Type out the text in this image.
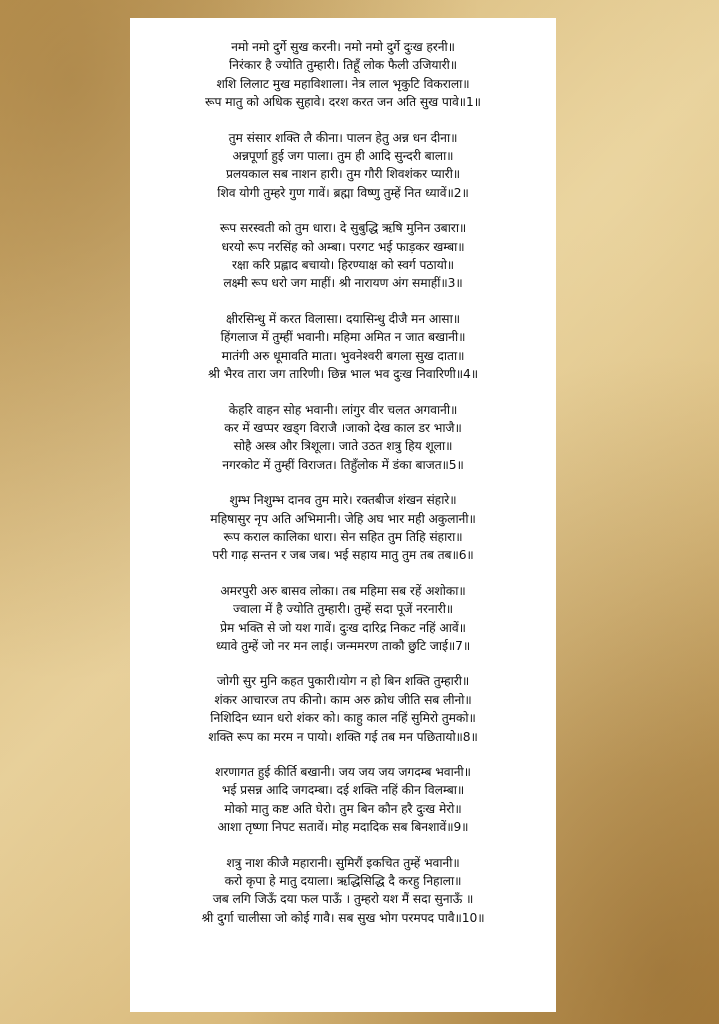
नमो नमो दुर्गे सुख करनी। नमो नमो दुर्गे दुःख हरनी॥
निरंकार है ज्योति तुम्हारी। तिहूँ लोक फैली उजियारी॥
शशि लिलाट मुख महाविशाला। नेत्र लाल भृकुटि विकराला॥
रूप मातु को अधिक सुहावे। दरश करत जन अति सुख पावे॥1॥
तुम संसार शक्ति लै कीना। पालन हेतु अन्न धन दीना॥
अन्नपूर्णा हुई जग पाला। तुम ही आदि सुन्दरी बाला॥
प्रलयकाल सब नाशन हारी। तुम गौरी शिवशंकर प्यारी॥
शिव योगी तुम्हरे गुण गावें। ब्रह्मा विष्णु तुम्हें नित ध्यावें॥2॥
रूप सरस्वती को तुम धारा। दे सुबुद्धि ऋषि मुनिन उबारा॥
धरयो रूप नरसिंह को अम्बा। परगट भई फाड़कर खम्बा॥
रक्षा करि प्रह्लाद बचायो। हिरण्याक्ष को स्वर्ग पठायो॥
लक्ष्मी रूप धरो जग माहीं। श्री नारायण अंग समाहीं॥3॥
क्षीरसिन्धु में करत विलासा। दयासिन्धु दीजै मन आसा॥
हिंगलाज में तुम्हीं भवानी। महिमा अमित न जात बखानी॥
मातंगी अरु धूमावति माता। भुवनेश्वरी बगला सुख दाता॥
श्री भैरव तारा जग तारिणी। छिन्न भाल भव दुःख निवारिणी॥4॥
केहरि वाहन सोह भवानी। लांगुर वीर चलत अगवानी॥
कर में खप्पर खड्ग विराजै ।जाको देख काल डर भाजै॥
सोहै अस्त्र और त्रिशूला। जाते उठत शत्रु हिय शूला॥
नगरकोट में तुम्हीं विराजत। तिहुँलोक में डंका बाजत॥5॥
शुम्भ निशुम्भ दानव तुम मारे। रक्तबीज शंखन संहारे॥
महिषासुर नृप अति अभिमानी। जेहि अघ भार मही अकुलानी॥
रूप कराल कालिका धारा। सेन सहित तुम तिहि संहारा॥
परी गाढ़ सन्तन र जब जब। भई सहाय मातु तुम तब तब॥6॥
अमरपुरी अरु बासव लोका। तब महिमा सब रहें अशोका॥
ज्वाला में है ज्योति तुम्हारी। तुम्हें सदा पूजें नरनारी॥
प्रेम भक्ति से जो यश गावें। दुःख दारिद्र निकट नहिं आवें॥
ध्यावे तुम्हें जो नर मन लाई। जन्ममरण ताकौ छुटि जाई॥7॥
जोगी सुर मुनि कहत पुकारी।योग न हो बिन शक्ति तुम्हारी॥
शंकर आचारज तप कीनो। काम अरु क्रोध जीति सब लीनो॥
निशिदिन ध्यान धरो शंकर को। काहु काल नहिं सुमिरो तुमको॥
शक्ति रूप का मरम न पायो। शक्ति गई तब मन पछितायो॥8॥
शरणागत हुई कीर्ति बखानी। जय जय जय जगदम्ब भवानी॥
भई प्रसन्न आदि जगदम्बा। दई शक्ति नहिं कीन विलम्बा॥
मोको मातु कष्ट अति घेरो। तुम बिन कौन हरै दुःख मेरो॥
आशा तृष्णा निपट सतावें। मोह मदादिक सब बिनशावें॥9॥
शत्रु नाश कीजै महारानी। सुमिरौं इकचित तुम्हें भवानी॥
करो कृपा हे मातु दयाला। ऋद्धिसिद्धि दै करहु निहाला॥
जब लगि जिऊँ दया फल पाऊँ । तुम्हरो यश मैं सदा सुनाऊँ ॥
श्री दुर्गा चालीसा जो कोई गावै। सब सुख भोग परमपद पावै॥10॥
